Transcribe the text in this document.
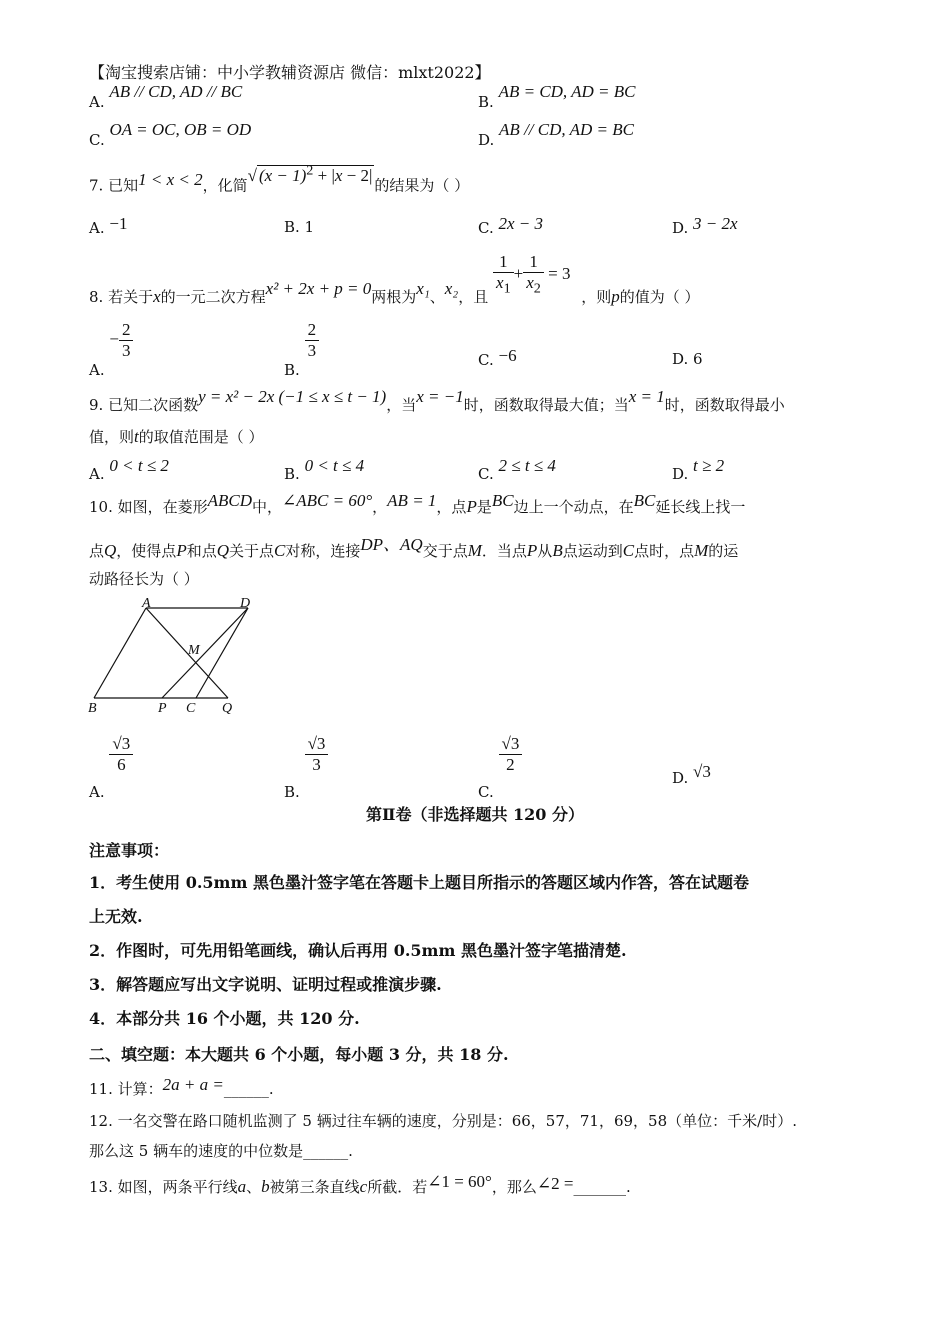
【淘宝搜索店铺：中小学教辅资源店 微信：mlxt2022】
A. AB // CD, AD // BC
B. AB = CD, AD = BC
C. OA = OC, OB = OD
D. AB // CD, AD = BC
7. 已知1 < x < 2，化简√ $(x - 1)^2 + |x - 2|$的结果为（ ）
A. −1	B. 1	C. 2x − 3	D. 3 − 2x
8. 若关于x的一元二次方程x² + 2x + p = 0两根为x₁、x₂，且 $\frac{1}{x_1} + \frac{1}{x_2} = 3$ ，则p的值为（ ）
A. − $\frac{2}{3}$
B.
$\frac{2}{3}$	C. −6	D. 6
9. 已知二次函数y = x² − 2x (−1 ≤ x ≤ t − 1)，当x = −1时，函数取得最大值；当x = 1时，函数取得最小
值，则t的取值范围是（ ）
A. 0 < t ≤ 2	B. 0 < t ≤ 4	C. 2 ≤ t ≤ 4	D. t ≥ 2
10. 如图，在菱形ABCD中，∠ABC = 60°，AB = 1，点P是BC边上一个动点，在BC延长线上找一
点Q，使得点P和点Q关于点C对称，连接DP、AQ交于点M．当点P从B点运动到C点时，点M的运
动路径长为（ ）
A	D
M
B	P C Q
A.
$\frac{√3}{6}$
B.
$\frac{√3}{3}$
C.
$\frac{√3}{2}$
D. √3
第Ⅱ卷（非选择题共 120 分）
注意事项：
1．考生使用 0.5mm 黑色墨汁签字笔在答题卡上题目所指示的答题区域内作答，答在试题卷
上无效.
2．作图时，可先用铅笔画线，确认后再用 0.5mm 黑色墨汁签字笔描清楚.
3．解答题应写出文字说明、证明过程或推演步骤.
4．本部分共 16 个小题，共 120 分.
二、填空题：本大题共 6 个小题，每小题 3 分，共 18 分.
11. 计算：2a + a =______.
12. 一名交警在路口随机监测了 5 辆过往车辆的速度，分别是：66，57，71，69，58（单位：千米/时）.
那么这 5 辆车的速度的中位数是______.
13. 如图，两条平行线a、b被第三条直线c所截．若∠1 = 60°，那么∠2 =_______.
